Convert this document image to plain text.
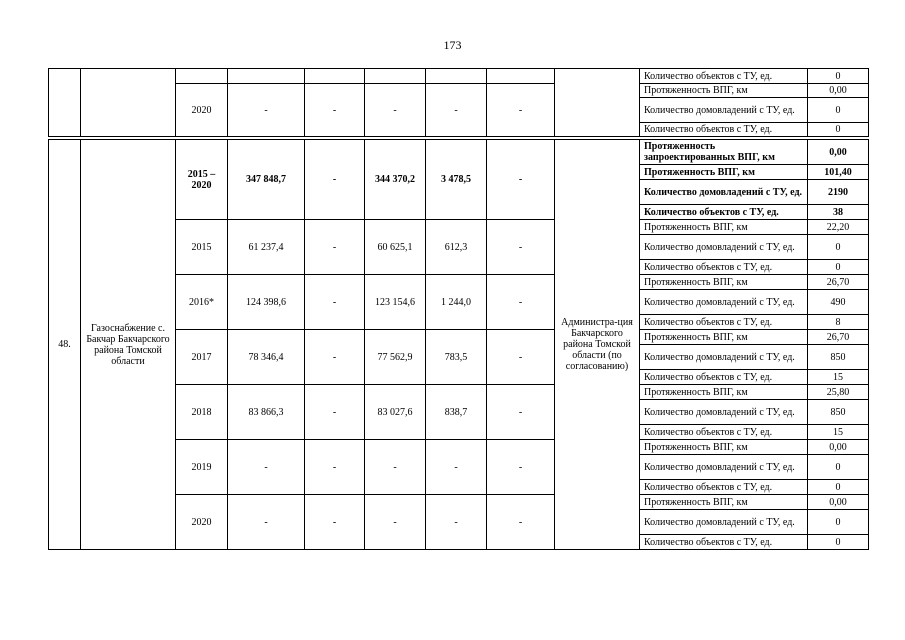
173
									Количество объектов с ТУ, ед.	0
		2020	-	-	-	-	-		Протяженность ВПГ, км	0,00
									Количество домовладений с ТУ, ед.	0
									Количество объектов с ТУ, ед.	0

48.	Газоснабжение с. Бакчар Бакчарского района Томской области	2015 – 2020	347 848,7	-	344 370,2	3 478,5	-	Администра-ция Бакчарского района Томской области (по согласованию)	Протяженность запроектированных ВПГ, км	0,00
									Протяженность ВПГ, км	101,40
									Количество домовладений с ТУ, ед.	2190
									Количество объектов с ТУ, ед.	38
		2015	61 237,4	-	60 625,1	612,3	-		Протяженность ВПГ, км	22,20
									Количество домовладений с ТУ, ед.	0
									Количество объектов с ТУ, ед.	0
		2016*	124 398,6	-	123 154,6	1 244,0	-		Протяженность ВПГ, км	26,70
									Количество домовладений с ТУ, ед.	490
									Количество объектов с ТУ, ед.	8
		2017	78 346,4	-	77 562,9	783,5	-		Протяженность ВПГ, км	26,70
									Количество домовладений с ТУ, ед.	850
									Количество объектов с ТУ, ед.	15
		2018	83 866,3	-	83 027,6	838,7	-		Протяженность ВПГ, км	25,80
									Количество домовладений с ТУ, ед.	850
									Количество объектов с ТУ, ед.	15
		2019	-	-	-	-	-		Протяженность ВПГ, км	0,00
									Количество домовладений с ТУ, ед.	0
									Количество объектов с ТУ, ед.	0
		2020	-	-	-	-	-		Протяженность ВПГ, км	0,00
									Количество домовладений с ТУ, ед.	0
									Количество объектов с ТУ, ед.	0
